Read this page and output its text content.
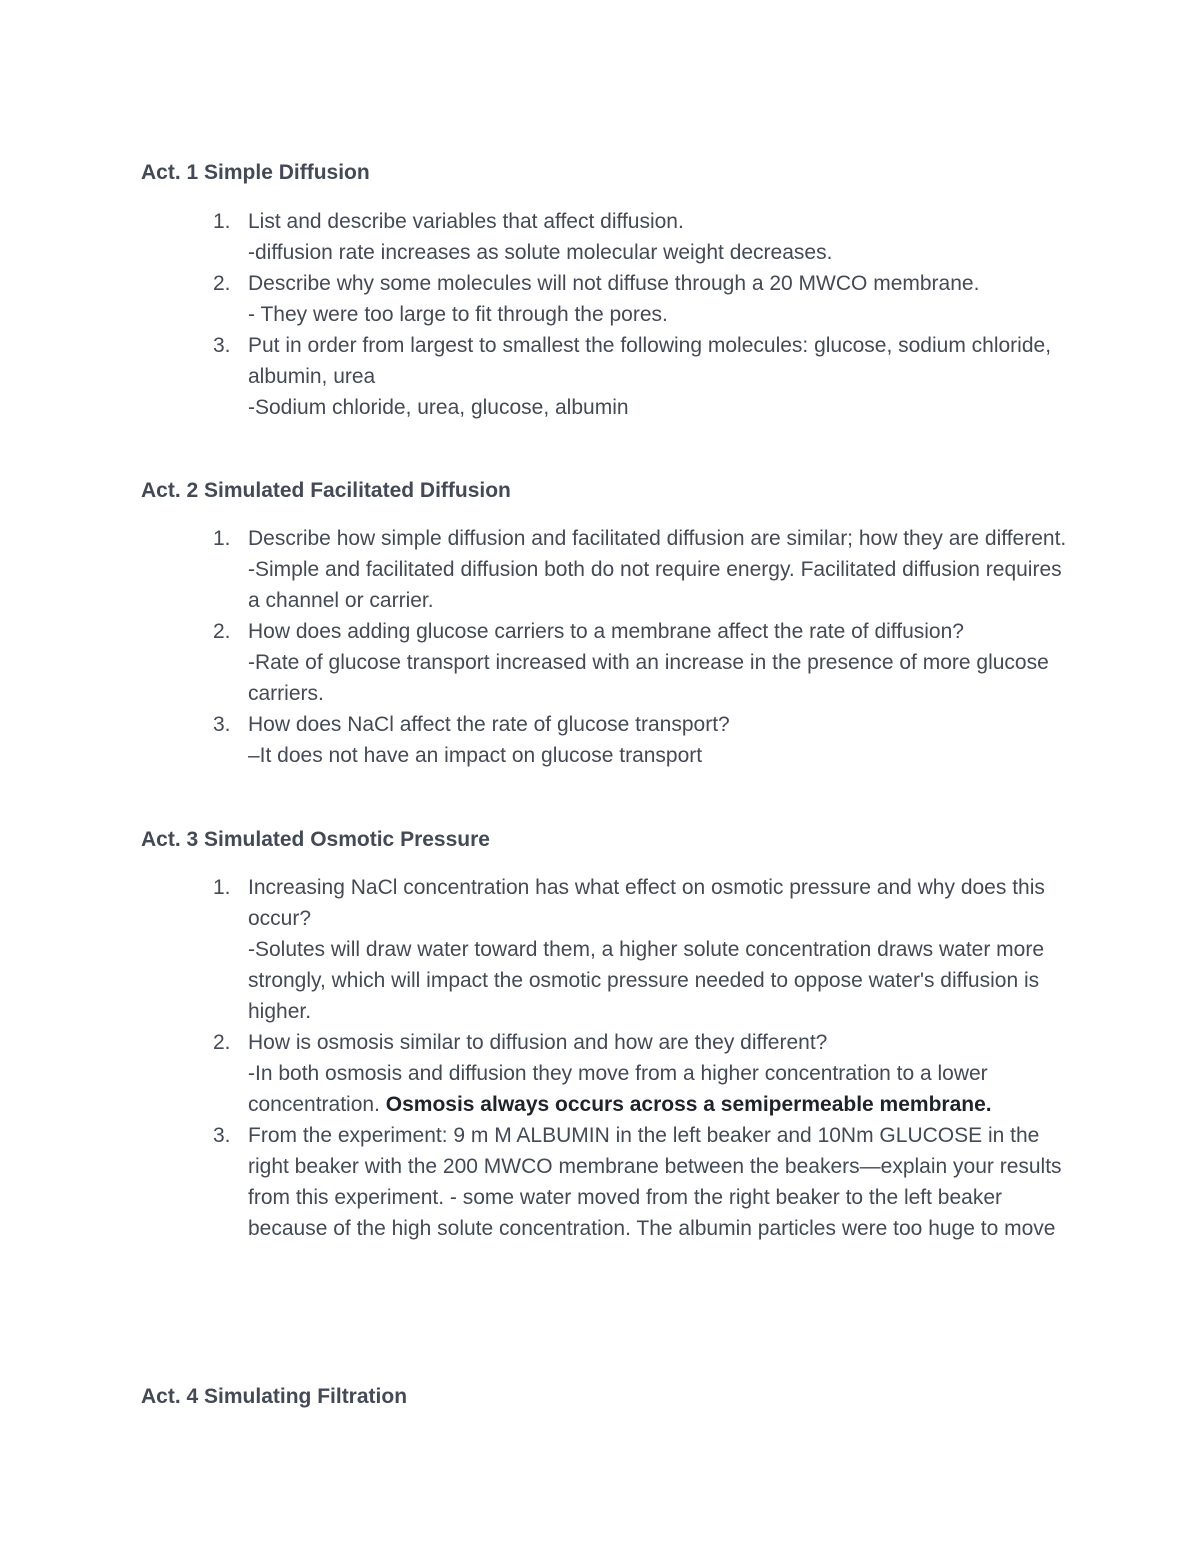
Act. 1 Simple Diffusion
1. List and describe variables that affect diffusion.
-diffusion rate increases as solute molecular weight decreases.
2. Describe why some molecules will not diffuse through a 20 MWCO membrane.
- They were too large to fit through the pores.
3. Put in order from largest to smallest the following molecules: glucose, sodium chloride, albumin, urea
-Sodium chloride, urea, glucose, albumin
Act. 2 Simulated Facilitated Diffusion
1. Describe how simple diffusion and facilitated diffusion are similar; how they are different.
-Simple and facilitated diffusion both do not require energy. Facilitated diffusion requires a channel or carrier.
2. How does adding glucose carriers to a membrane affect the rate of diffusion?
-Rate of glucose transport increased with an increase in the presence of more glucose carriers.
3. How does NaCl affect the rate of glucose transport?
–It does not have an impact on glucose transport
Act. 3 Simulated Osmotic Pressure
1. Increasing NaCl concentration has what effect on osmotic pressure and why does this occur?
-Solutes will draw water toward them, a higher solute concentration draws water more strongly, which will impact the osmotic pressure needed to oppose water's diffusion is higher.
2. How is osmosis similar to diffusion and how are they different?
-In both osmosis and diffusion they move from a higher concentration to a lower concentration. Osmosis always occurs across a semipermeable membrane.
3. From the experiment: 9 m M ALBUMIN in the left beaker and 10Nm GLUCOSE in the right beaker with the 200 MWCO membrane between the beakers—explain your results from this experiment. - some water moved from the right beaker to the left beaker because of the high solute concentration. The albumin particles were too huge to move
Act. 4 Simulating Filtration
